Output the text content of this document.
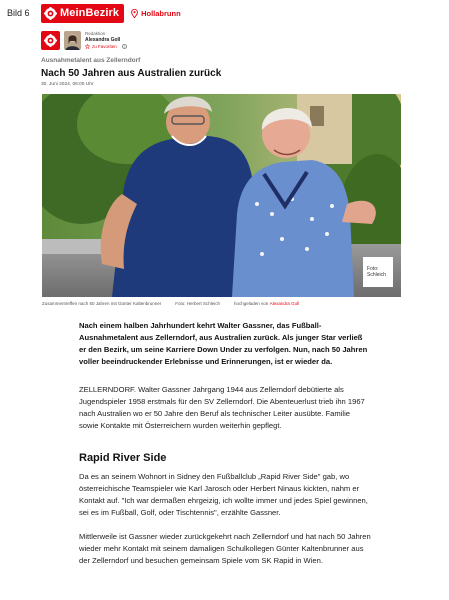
Bild 6	MeinBezirk	Hollabrunn
Redaktion
Alexandra Goll
zu Favoriten	i
Ausnahmetalent aus Zellerndorf
Nach 50 Jahren aus Australien zurück
30. Juni 2024, 06:00 Uhr
Foto:
Schleich
Zusammentreffen nach 50 Jahren mit Günter Kaltenbrunner	Foto: Herbert Schleich	hochgeladen von
Alexandra Goll
Nach einem halben Jahrhundert kehrt Walter Gassner, das Fußball-Ausnahmetalent aus Zellerndorf, aus Australien zurück. Als junger Star verließ er den Bezirk, um seine Karriere Down Under zu verfolgen. Nun, nach 50 Jahren voller beeindruckender Erlebnisse und Erinnerungen, ist er wieder da.
ZELLERNDORF. Walter Gassner Jahrgang 1944 aus Zellerndorf debütierte als Jugendspieler 1958 erstmals für den SV Zellerndorf. Die Abenteuerlust trieb ihn 1967 nach Australien wo er 50 Jahre den Beruf als technischer Leiter ausübte. Familie sowie Kontakte mit Österreichern wurden weiterhin gepflegt.
Rapid River Side
Da es an seinem Wohnort in Sidney den Fußballclub „Rapid River Side" gab, wo österreichische Teamspieler wie Karl Jarosch oder Herbert Ninaus kickten, nahm er Kontakt auf. "Ich war dermaßen ehrgeizig, ich wollte immer und jedes Spiel gewinnen, sei es im Fußball, Golf, oder Tischtennis", erzählte Gassner.
Mittlerweile ist Gassner wieder zurückgekehrt nach Zellerndorf und hat nach 50 Jahren wieder mehr Kontakt mit seinem damaligen Schulkollegen Günter Kaltenbrunner aus der Zellerndorf und besuchen gemeinsam Spiele vom SK Rapid in Wien.
